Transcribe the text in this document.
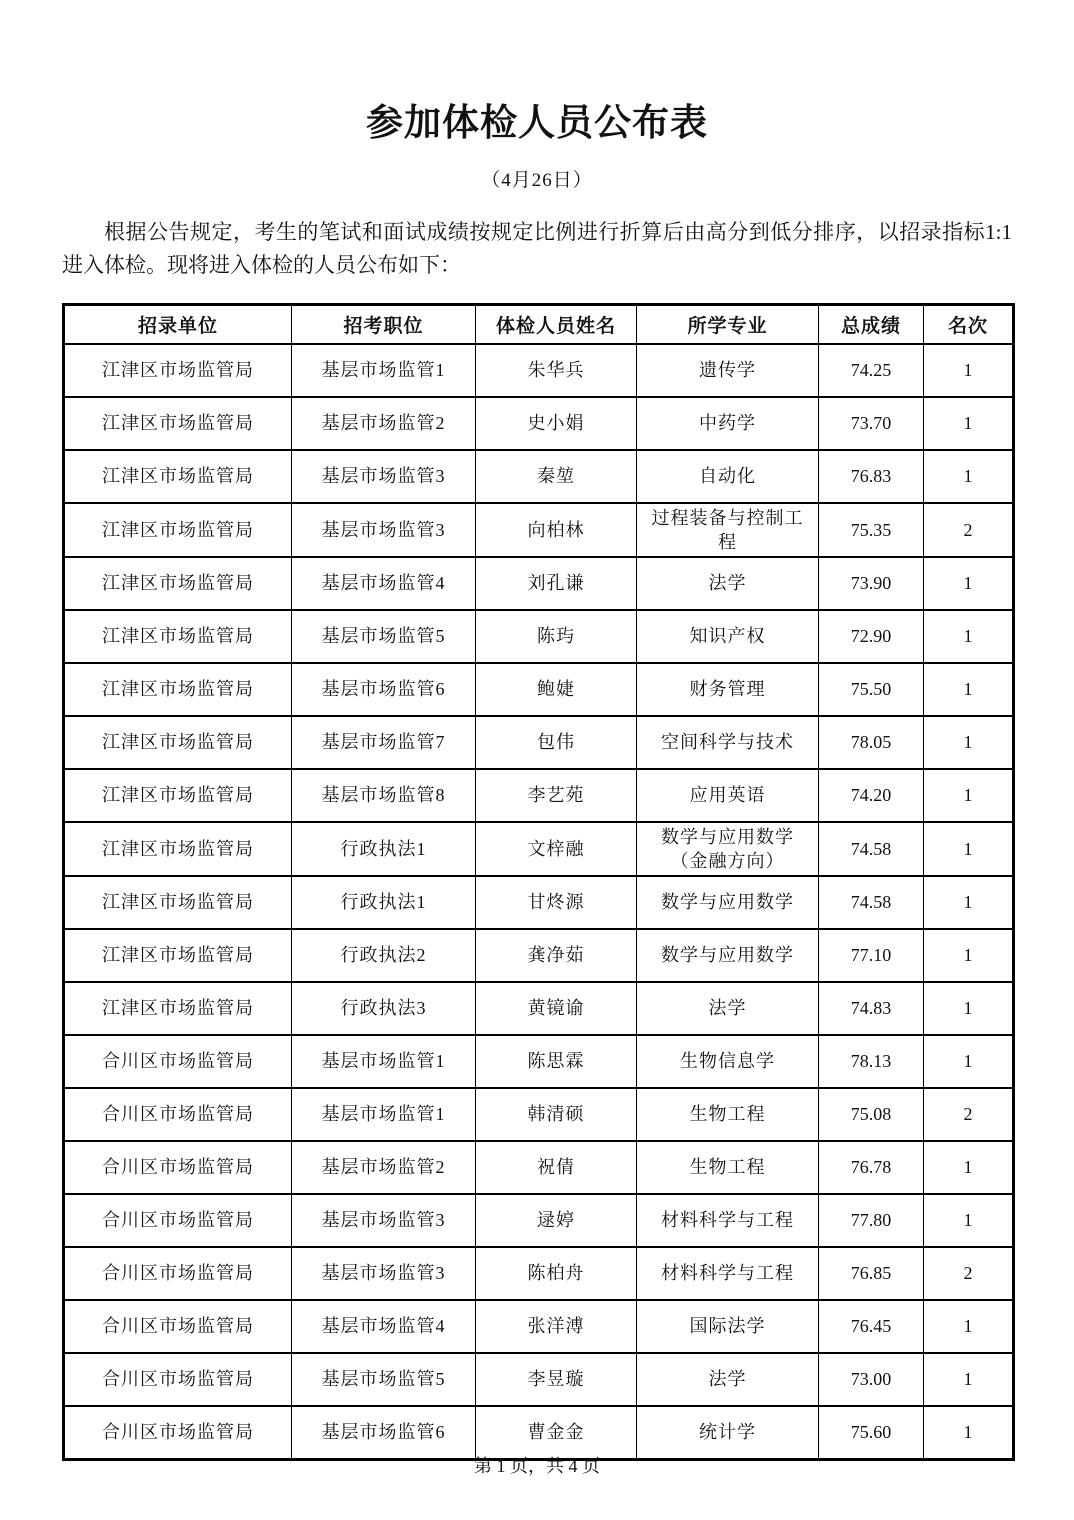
参加体检人员公布表
（4月26日）

根据公告规定，考生的笔试和面试成绩按规定比例进行折算后由高分到低分排序，以招录指标1:1进入体检。现将进入体检的人员公布如下：

招录单位	招考职位	体检人员姓名	所学专业	总成绩	名次
江津区市场监管局	基层市场监管1	朱华兵	遗传学	74.25	1
江津区市场监管局	基层市场监管2	史小娟	中药学	73.70	1
江津区市场监管局	基层市场监管3	秦堃	自动化	76.83	1
江津区市场监管局	基层市场监管3	向柏林	过程装备与控制工程	75.35	2
江津区市场监管局	基层市场监管4	刘孔谦	法学	73.90	1
江津区市场监管局	基层市场监管5	陈玙	知识产权	72.90	1
江津区市场监管局	基层市场监管6	鲍婕	财务管理	75.50	1
江津区市场监管局	基层市场监管7	包伟	空间科学与技术	78.05	1
江津区市场监管局	基层市场监管8	李艺苑	应用英语	74.20	1
江津区市场监管局	行政执法1	文梓融	数学与应用数学（金融方向）	74.58	1
江津区市场监管局	行政执法1	甘炵源	数学与应用数学	74.58	1
江津区市场监管局	行政执法2	龚净茹	数学与应用数学	77.10	1
江津区市场监管局	行政执法3	黄镜谕	法学	74.83	1
合川区市场监管局	基层市场监管1	陈思霖	生物信息学	78.13	1
合川区市场监管局	基层市场监管1	韩清硕	生物工程	75.08	2
合川区市场监管局	基层市场监管2	祝倩	生物工程	76.78	1
合川区市场监管局	基层市场监管3	逯婷	材料科学与工程	77.80	1
合川区市场监管局	基层市场监管3	陈柏舟	材料科学与工程	76.85	2
合川区市场监管局	基层市场监管4	张洋溥	国际法学	76.45	1
合川区市场监管局	基层市场监管5	李昱璇	法学	73.00	1
合川区市场监管局	基层市场监管6	曹金金	统计学	75.60	1
第 1 页，共 4 页
